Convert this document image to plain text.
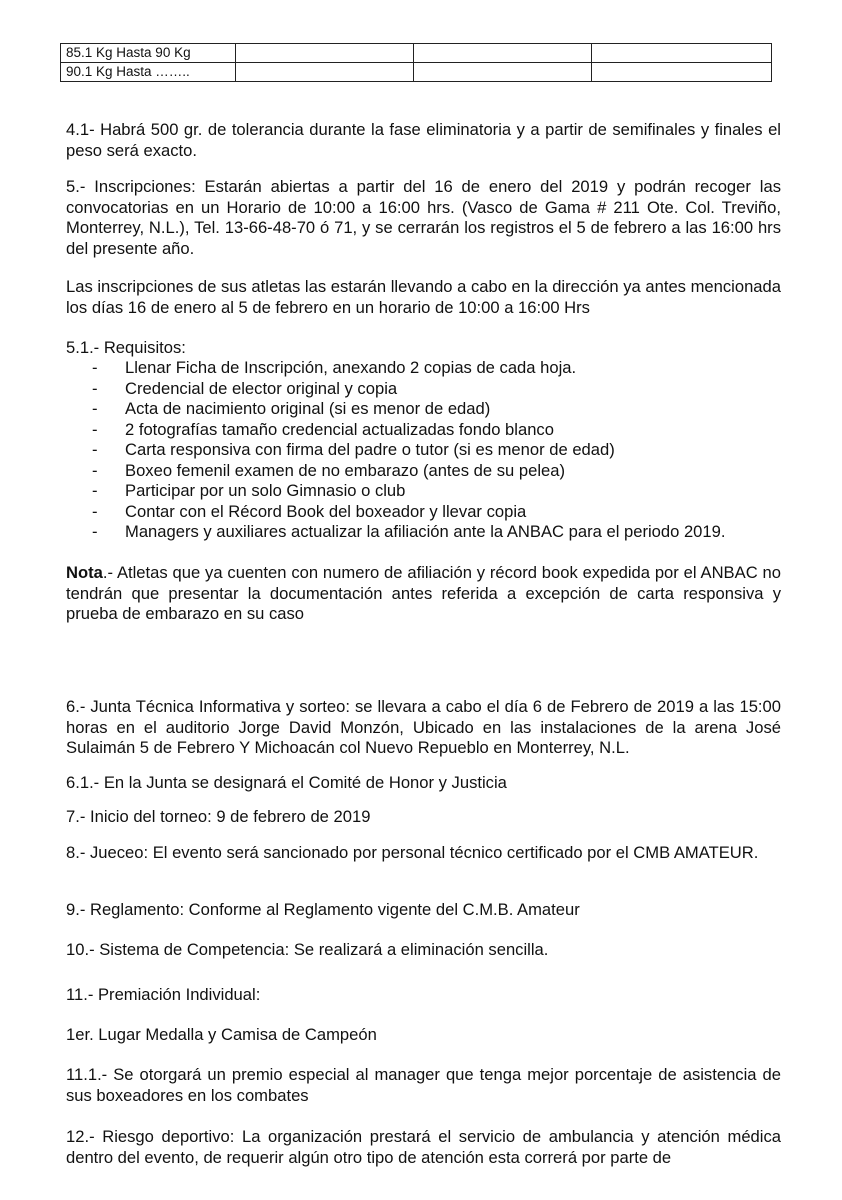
85.1 Kg Hasta 90 Kg			
90.1 Kg Hasta ……..			

4.1- Habrá 500 gr. de tolerancia durante la fase eliminatoria y a partir de semifinales y finales el peso será exacto.

5.- Inscripciones: Estarán abiertas a partir del 16 de enero del 2019 y podrán recoger las convocatorias en un Horario de 10:00 a 16:00 hrs. (Vasco de Gama # 211 Ote. Col. Treviño, Monterrey, N.L.), Tel. 13-66-48-70 ó 71, y se cerrarán los registros el 5 de febrero a las 16:00 hrs del presente año.

Las inscripciones de sus atletas las estarán llevando a cabo en la dirección ya antes mencionada los días 16 de enero al 5 de febrero en un horario de 10:00 a 16:00 Hrs

5.1.- Requisitos:

- Llenar Ficha de Inscripción, anexando 2 copias de cada hoja.
- Credencial de elector original y copia
- Acta de nacimiento original (si es menor de edad)
- 2 fotografías tamaño credencial actualizadas fondo blanco
- Carta responsiva con firma del padre o tutor (si es menor de edad)
- Boxeo femenil examen de no embarazo (antes de su pelea)
- Participar por un solo Gimnasio o club
- Contar con el Récord Book del boxeador y llevar copia
- Managers y auxiliares actualizar la afiliación ante la ANBAC para el periodo 2019.

Nota.- Atletas que ya cuenten con numero de afiliación y récord book expedida por el ANBAC no tendrán que presentar la documentación antes referida a excepción de carta responsiva y prueba de embarazo en su caso

6.- Junta Técnica Informativa y sorteo: se llevara a cabo el día 6 de Febrero de 2019 a las 15:00 horas en el auditorio Jorge David Monzón, Ubicado en las instalaciones de la arena José Sulaimán 5 de Febrero Y Michoacán col Nuevo Repueblo en Monterrey, N.L.

6.1.- En la Junta se designará el Comité de Honor y Justicia

7.- Inicio del torneo: 9 de febrero de 2019

8.- Jueceo: El evento será sancionado por personal técnico certificado por el CMB AMATEUR.

9.- Reglamento: Conforme al Reglamento vigente del C.M.B. Amateur

10.- Sistema de Competencia: Se realizará a eliminación sencilla.

11.- Premiación Individual:

1er. Lugar Medalla y Camisa de Campeón

11.1.- Se otorgará un premio especial al manager que tenga mejor porcentaje de asistencia de sus boxeadores en los combates

12.- Riesgo deportivo: La organización prestará el servicio de ambulancia y atención médica dentro del evento, de requerir algún otro tipo de atención esta correrá por parte de
